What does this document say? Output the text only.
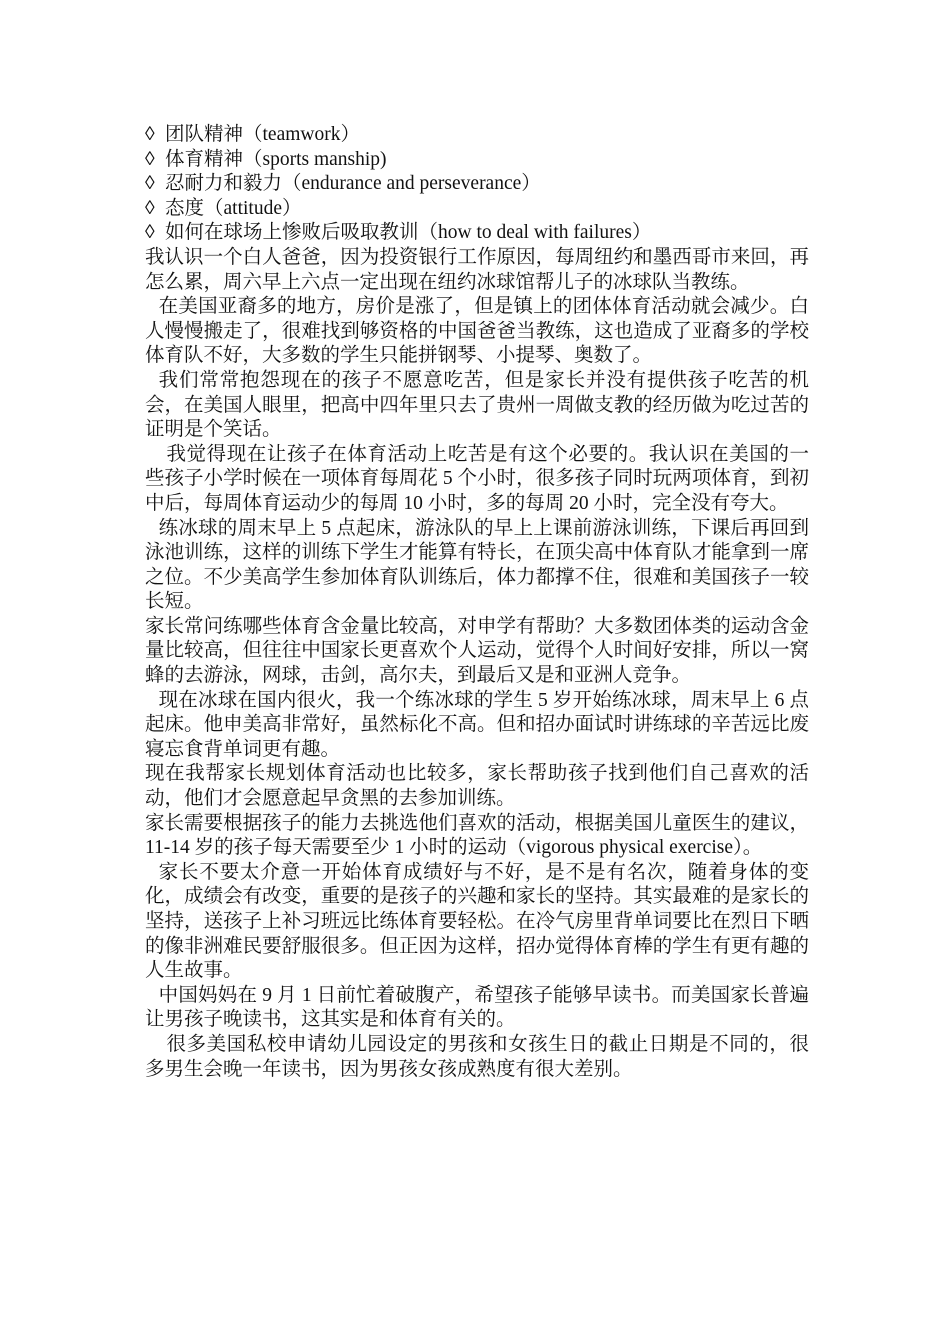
◊ 团队精神（teamwork）
◊ 体育精神（sports manship)
◊ 忍耐力和毅力（endurance and perseverance）
◊ 态度（attitude）
◊ 如何在球场上惨败后吸取教训（how to deal with failures）

我认识一个白人爸爸，因为投资银行工作原因，每周纽约和墨西哥市来回，再怎么累，周六早上六点一定出现在纽约冰球馆帮儿子的冰球队当教练。

在美国亚裔多的地方，房价是涨了，但是镇上的团体体育活动就会减少。白人慢慢搬走了，很难找到够资格的中国爸爸当教练，这也造成了亚裔多的学校体育队不好，大多数的学生只能拼钢琴、小提琴、奥数了。

我们常常抱怨现在的孩子不愿意吃苦，但是家长并没有提供孩子吃苦的机会，在美国人眼里，把高中四年里只去了贵州一周做支教的经历做为吃过苦的证明是个笑话。

我觉得现在让孩子在体育活动上吃苦是有这个必要的。我认识在美国的一些孩子小学时候在一项体育每周花 5 个小时，很多孩子同时玩两项体育，到初中后，每周体育运动少的每周 10 小时，多的每周 20 小时，完全没有夸大。

练冰球的周末早上 5 点起床，游泳队的早上上课前游泳训练，下课后再回到泳池训练，这样的训练下学生才能算有特长，在顶尖高中体育队才能拿到一席之位。不少美高学生参加体育队训练后，体力都撑不住，很难和美国孩子一较长短。

家长常问练哪些体育含金量比较高，对申学有帮助？大多数团体类的运动含金量比较高，但往往中国家长更喜欢个人运动，觉得个人时间好安排，所以一窝蜂的去游泳，网球，击剑，高尔夫，到最后又是和亚洲人竞争。

现在冰球在国内很火，我一个练冰球的学生 5 岁开始练冰球，周末早上 6 点起床。他申美高非常好，虽然标化不高。但和招办面试时讲练球的辛苦远比废寝忘食背单词更有趣。

现在我帮家长规划体育活动也比较多，家长帮助孩子找到他们自己喜欢的活动，他们才会愿意起早贪黑的去参加训练。

家长需要根据孩子的能力去挑选他们喜欢的活动，根据美国儿童医生的建议，11-14 岁的孩子每天需要至少 1 小时的运动（vigorous physical exercise）。

家长不要太介意一开始体育成绩好与不好，是不是有名次，随着身体的变化，成绩会有改变，重要的是孩子的兴趣和家长的坚持。其实最难的是家长的坚持，送孩子上补习班远比练体育要轻松。在冷气房里背单词要比在烈日下晒的像非洲难民要舒服很多。但正因为这样，招办觉得体育棒的学生有更有趣的人生故事。

中国妈妈在 9 月 1 日前忙着破腹产，希望孩子能够早读书。而美国家长普遍让男孩子晚读书，这其实是和体育有关的。

很多美国私校申请幼儿园设定的男孩和女孩生日的截止日期是不同的，很多男生会晚一年读书，因为男孩女孩成熟度有很大差别。
